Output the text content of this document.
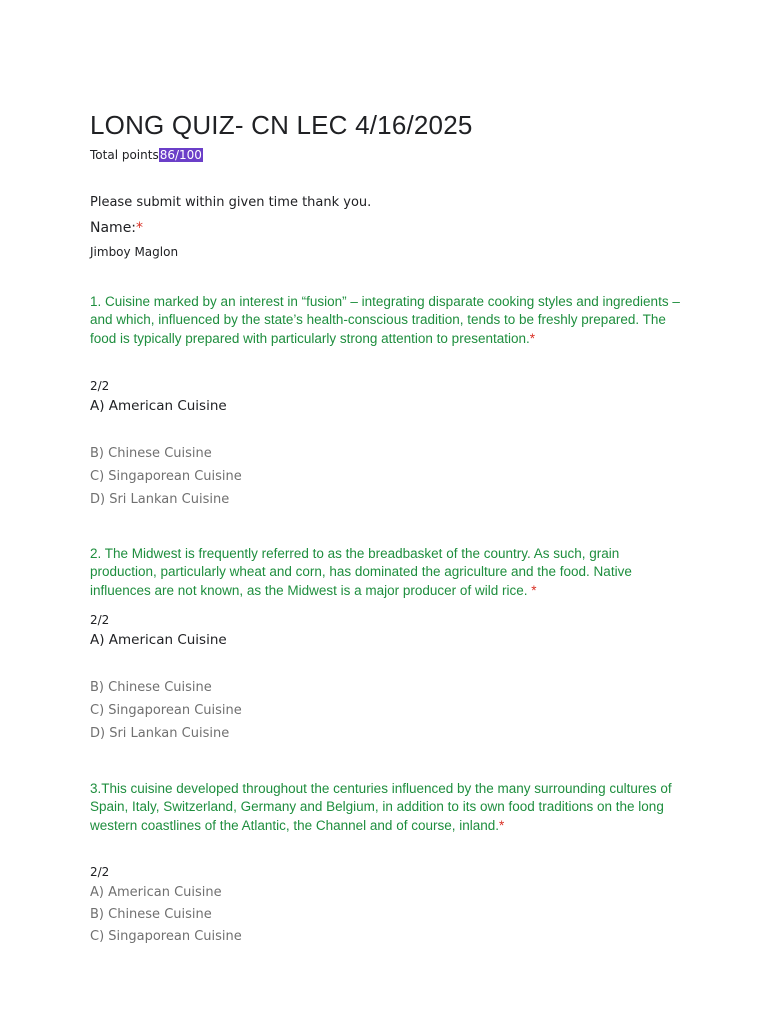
LONG QUIZ- CN LEC 4/16/2025
Total points86/100
Please submit within given time thank you.
Name:*
Jimboy Maglon
1. Cuisine marked by an interest in “fusion” – integrating disparate cooking styles and ingredients – and which, influenced by the state’s health-conscious tradition, tends to be freshly prepared. The food is typically prepared with particularly strong attention to presentation.*
2/2
A) American Cuisine
B) Chinese Cuisine
C) Singaporean Cuisine
D) Sri Lankan Cuisine
2. The Midwest is frequently referred to as the breadbasket of the country. As such, grain production, particularly wheat and corn, has dominated the agriculture and the food. Native influences are not known, as the Midwest is a major producer of wild rice. *
2/2
A) American Cuisine
B) Chinese Cuisine
C) Singaporean Cuisine
D) Sri Lankan Cuisine
3.This cuisine developed throughout the centuries influenced by the many surrounding cultures of Spain, Italy, Switzerland, Germany and Belgium, in addition to its own food traditions on the long western coastlines of the Atlantic, the Channel and of course, inland.*
2/2
A) American Cuisine
B) Chinese Cuisine
C) Singaporean Cuisine
